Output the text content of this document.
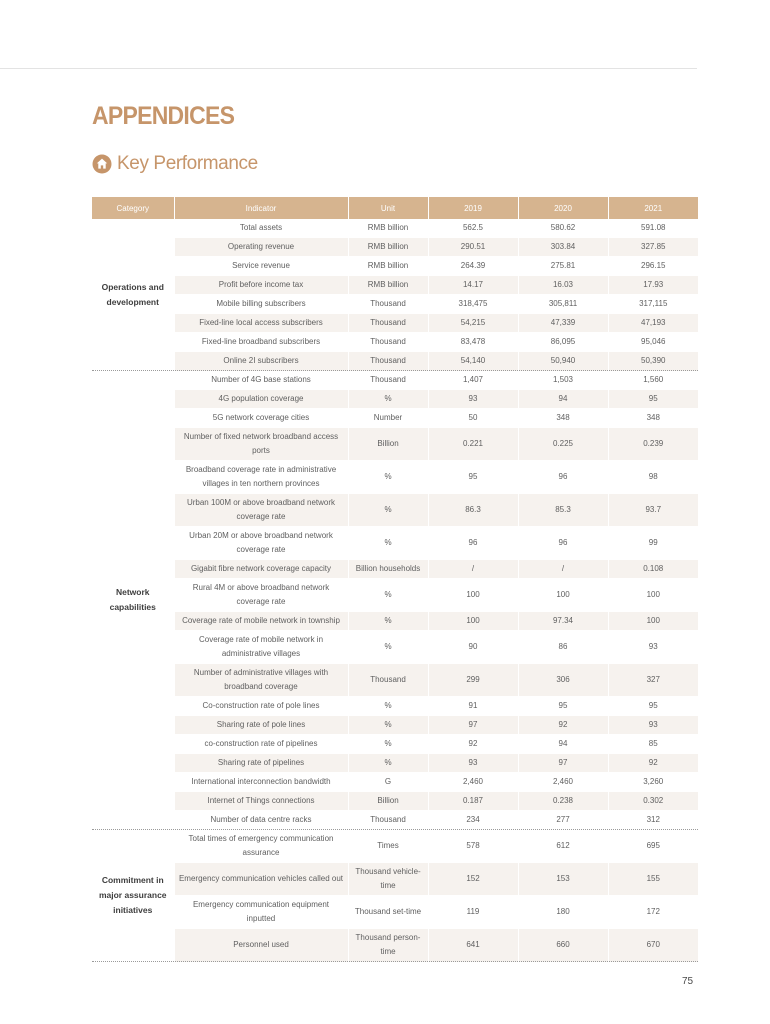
APPENDICES
Key Performance
Category	Indicator	Unit	2019	2020	2021
Operations and development	Total assets	RMB billion	562.5	580.62	591.08
	Operating revenue	RMB billion	290.51	303.84	327.85
	Service revenue	RMB billion	264.39	275.81	296.15
	Profit before income tax	RMB billion	14.17	16.03	17.93
	Mobile billing subscribers	Thousand	318,475	305,811	317,115
	Fixed-line local access subscribers	Thousand	54,215	47,339	47,193
	Fixed-line broadband subscribers	Thousand	83,478	86,095	95,046
	Online 2I subscribers	Thousand	54,140	50,940	50,390
Network capabilities	Number of 4G base stations	Thousand	1,407	1,503	1,560
	4G population coverage	%	93	94	95
	5G network coverage cities	Number	50	348	348
	Number of fixed network broadband access ports	Billion	0.221	0.225	0.239
	Broadband coverage rate in administrative villages in ten northern provinces	%	95	96	98
	Urban 100M or above broadband network coverage rate	%	86.3	85.3	93.7
	Urban 20M or above broadband network coverage rate	%	96	96	99
	Gigabit fibre network coverage capacity	Billion households	/	/	0.108
	Rural 4M or above broadband network coverage rate	%	100	100	100
	Coverage rate of mobile network in township	%	100	97.34	100
	Coverage rate of mobile network in administrative villages	%	90	86	93
	Number of administrative villages with broadband coverage	Thousand	299	306	327
	Co-construction rate of pole lines	%	91	95	95
	Sharing rate of pole lines	%	97	92	93
	co-construction rate of pipelines	%	92	94	85
	Sharing rate of pipelines	%	93	97	92
	International interconnection bandwidth	G	2,460	2,460	3,260
	Internet of Things connections	Billion	0.187	0.238	0.302
	Number of data centre racks	Thousand	234	277	312
Commitment in major assurance initiatives	Total times of emergency communication assurance	Times	578	612	695
	Emergency communication vehicles called out	Thousand vehicle-time	152	153	155
	Emergency communication equipment inputted	Thousand set-time	119	180	172
	Personnel used	Thousand person-time	641	660	670
75
